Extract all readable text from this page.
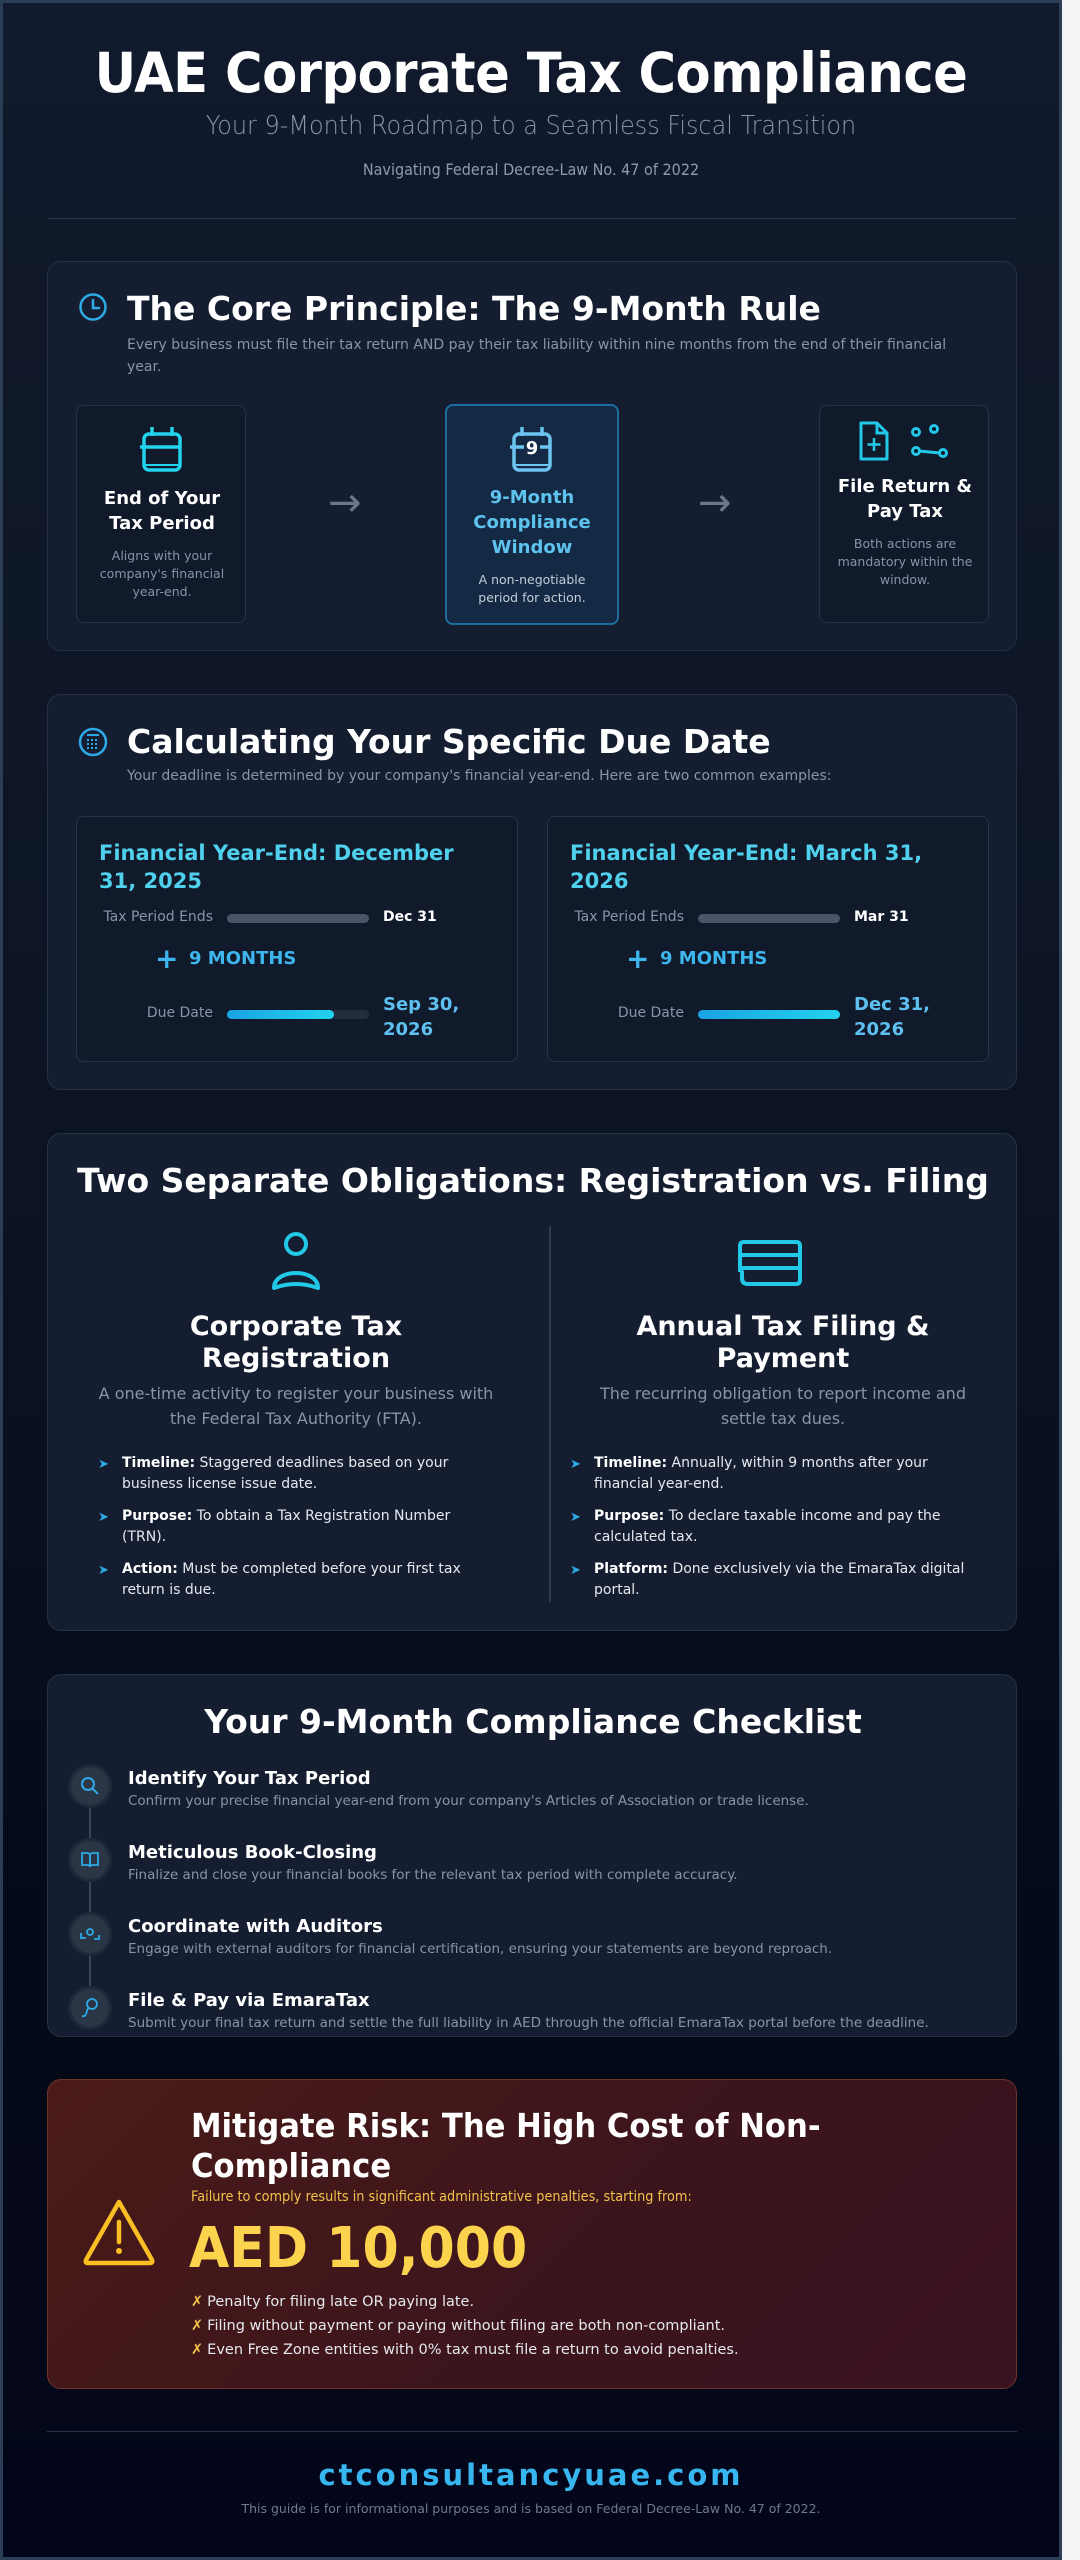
UAE Corporate Tax Compliance
Your 9-Month Roadmap to a Seamless Fiscal Transition
Navigating Federal Decree-Law No. 47 of 2022
The Core Principle: The 9-Month Rule
Every business must file their tax return AND pay their tax liability within nine months from the end of their financial year.
End of Your Tax Period
Aligns with your company's financial year-end.
→
9
9-Month Compliance Window
A non-negotiable period for action.
→	File Return & Pay Tax
Both actions are mandatory within the window.
Calculating Your Specific Due Date
Your deadline is determined by your company's financial year-end. Here are two common examples:
Financial Year-End: December 31, 2025
Tax Period Ends	Dec 31
+ 9 MONTHS
Due Date	Sep 30, 2026
Financial Year-End: March 31, 2026
Tax Period Ends	Mar 31
+ 9 MONTHS
Due Date	Dec 31, 2026
Two Separate Obligations: Registration vs. Filing
Corporate Tax Registration
A one-time activity to register your business with the Federal Tax Authority (FTA).
➤ Timeline: Staggered deadlines based on your business license issue date.
➤ Purpose: To obtain a Tax Registration Number (TRN).
➤ Action: Must be completed before your first tax return is due.
Annual Tax Filing & Payment
The recurring obligation to report income and settle tax dues.
➤ Timeline: Annually, within 9 months after your financial year-end.
➤ Purpose: To declare taxable income and pay the calculated tax.
➤ Platform: Done exclusively via the EmaraTax digital portal.
Your 9-Month Compliance Checklist
Identify Your Tax Period
Confirm your precise financial year-end from your company's Articles of Association or trade license.
Meticulous Book-Closing
Finalize and close your financial books for the relevant tax period with complete accuracy.
Coordinate with Auditors
Engage with external auditors for financial certification, ensuring your statements are beyond reproach.
File & Pay via EmaraTax
Submit your final tax return and settle the full liability in AED through the official EmaraTax portal before the deadline.
Mitigate Risk: The High Cost of Non-Compliance
Failure to comply results in significant administrative penalties, starting from:
AED 10,000
✗ Penalty for filing late OR paying late.
✗ Filing without payment or paying without filing are both non-compliant.
✗ Even Free Zone entities with 0% tax must file a return to avoid penalties.
ctconsultancyuae.com
This guide is for informational purposes and is based on Federal Decree-Law No. 47 of 2022.
